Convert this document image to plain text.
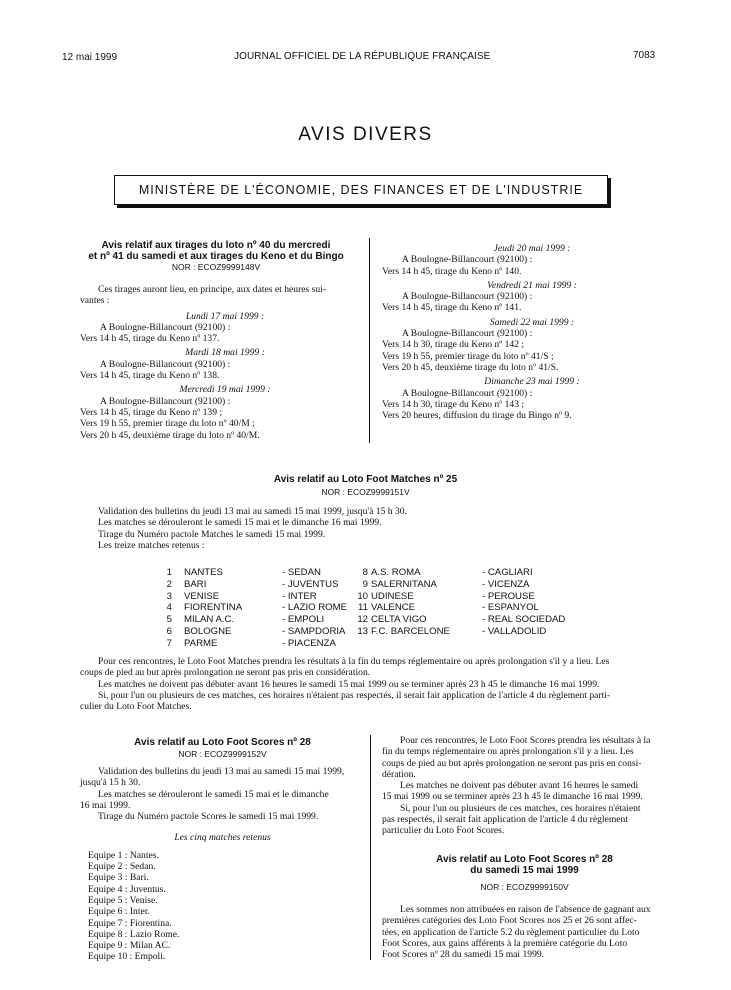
12 mai 1999	JOURNAL OFFICIEL DE LA RÉPUBLIQUE FRANÇAISE	7083
AVIS DIVERS
MINISTÈRE DE L'ÉCONOMIE, DES FINANCES ET DE L'INDUSTRIE
Avis relatif aux tirages du loto nº 40 du mercredi
et nº 41 du samedi et aux tirages du Keno et du Bingo
NOR : ECOZ9999148V
Ces tirages auront lieu, en principe, aux dates et heures sui-
vantes :
Lundi 17 mai 1999 :
A Boulogne-Billancourt (92100) :
Vers 14 h 45, tirage du Keno nº 137.
Mardi 18 mai 1999 :
A Boulogne-Billancourt (92100) :
Vers 14 h 45, tirage du Keno nº 138.
Mercredi 19 mai 1999 :
A Boulogne-Billancourt (92100) :
Vers 14 h 45, tirage du Keno nº 139 ;
Vers 19 h 55, premier tirage du loto nº 40/M ;
Vers 20 h 45, deuxième tirage du loto nº 40/M.
Jeudi 20 mai 1999 :
A Boulogne-Billancourt (92100) :
Vers 14 h 45, tirage du Keno nº 140.
Vendredi 21 mai 1999 :
A Boulogne-Billancourt (92100) :
Vers 14 h 45, tirage du Keno nº 141.
Samedi 22 mai 1999 :
A Boulogne-Billancourt (92100) :
Vers 14 h 30, tirage du Keno nº 142 ;
Vers 19 h 55, premier tirage du loto nº 41/S ;
Vers 20 h 45, deuxième tirage du loto nº 41/S.
Dimanche 23 mai 1999 :
A Boulogne-Billancourt (92100) :
Vers 14 h 30, tirage du Keno nº 143 ;
Vers 20 heures, diffusion du tirage du Bingo nº 9.
Avis relatif au Loto Foot Matches nº 25
NOR : ECOZ9999151V
Validation des bulletins du jeudi 13 mai au samedi 15 mai 1999, jusqu'à 15 h 30.
Les matches se dérouleront le samedi 15 mai et le dimanche 16 mai 1999.
Tirage du Numéro pactole Matches le samedi 15 mai 1999.
Les treize matches retenus :
1 NANTES	- SEDAN
2 BARI	- JUVENTUS
3 VENISE	- INTER
4 FIORENTINA	- LAZIO ROME
5 MILAN A.C.	- EMPOLI
6 BOLOGNE	- SAMPDORIA
7 PARME	- PIACENZA
8 A.S. ROMA	- CAGLIARI
9 SALERNITANA	- VICENZA
10 UDINESE	- PEROUSE
11 VALENCE	- ESPANYOL
12 CELTA VIGO	- REAL SOCIEDAD
13 F.C. BARCELONE	- VALLADOLID
Pour ces rencontres, le Loto Foot Matches prendra les résultats à la fin du temps réglementaire ou après prolongation s'il y a lieu. Les
coups de pied au but après prolongation ne seront pas pris en considération.
Les matches ne doivent pas débuter avant 16 heures le samedi 15 mai 1999 ou se terminer après 23 h 45 le dimanche 16 mai 1999.
Si, pour l'un ou plusieurs de ces matches, ces horaires n'étaient pas respectés, il serait fait application de l'article 4 du règlement parti-
culier du Loto Foot Matches.
Avis relatif au Loto Foot Scores nº 28
NOR : ECOZ9999152V
Validation des bulletins du jeudi 13 mai au samedi 15 mai 1999,
jusqu'à 15 h 30.
Les matches se dérouleront le samedi 15 mai et le dimanche
16 mai 1999.
Tirage du Numéro pactole Scores le samedi 15 mai 1999.
Les cinq matches retenus
Equipe 1 : Nantes.
Equipe 2 : Sedan.
Equipe 3 : Bari.
Equipe 4 : Juventus.
Equipe 5 : Venise.
Equipe 6 : Inter.
Equipe 7 : Fiorentina.
Equipe 8 : Lazio Rome.
Equipe 9 : Milan AC.
Equipe 10 : Empoli.
Pour ces rencontres, le Loto Foot Scores prendra les résultats à la
fin du temps réglementaire ou après prolongation s'il y a lieu. Les
coups de pied au but après prolongation ne seront pas pris en consi-
dération.
Les matches ne doivent pas débuter avant 16 heures le samedi
15 mai 1999 ou se terminer après 23 h 45 le dimanche 16 mai 1999.
Si, pour l'un ou plusieurs de ces matches, ces horaires n'étaient
pas respectés, il serait fait application de l'article 4 du règlement
particulier du Loto Foot Scores.
Avis relatif au Loto Foot Scores nº 28
du samedi 15 mai 1999
NOR : ECOZ9999150V
Les sommes non attribuées en raison de l'absence de gagnant aux
premières catégories des Loto Foot Scores nos 25 et 26 sont affec-
tées, en application de l'article 5.2 du règlement particulier du Loto
Foot Scores, aux gains afférents à la première catégorie du Loto
Foot Scores nº 28 du samedi 15 mai 1999.
